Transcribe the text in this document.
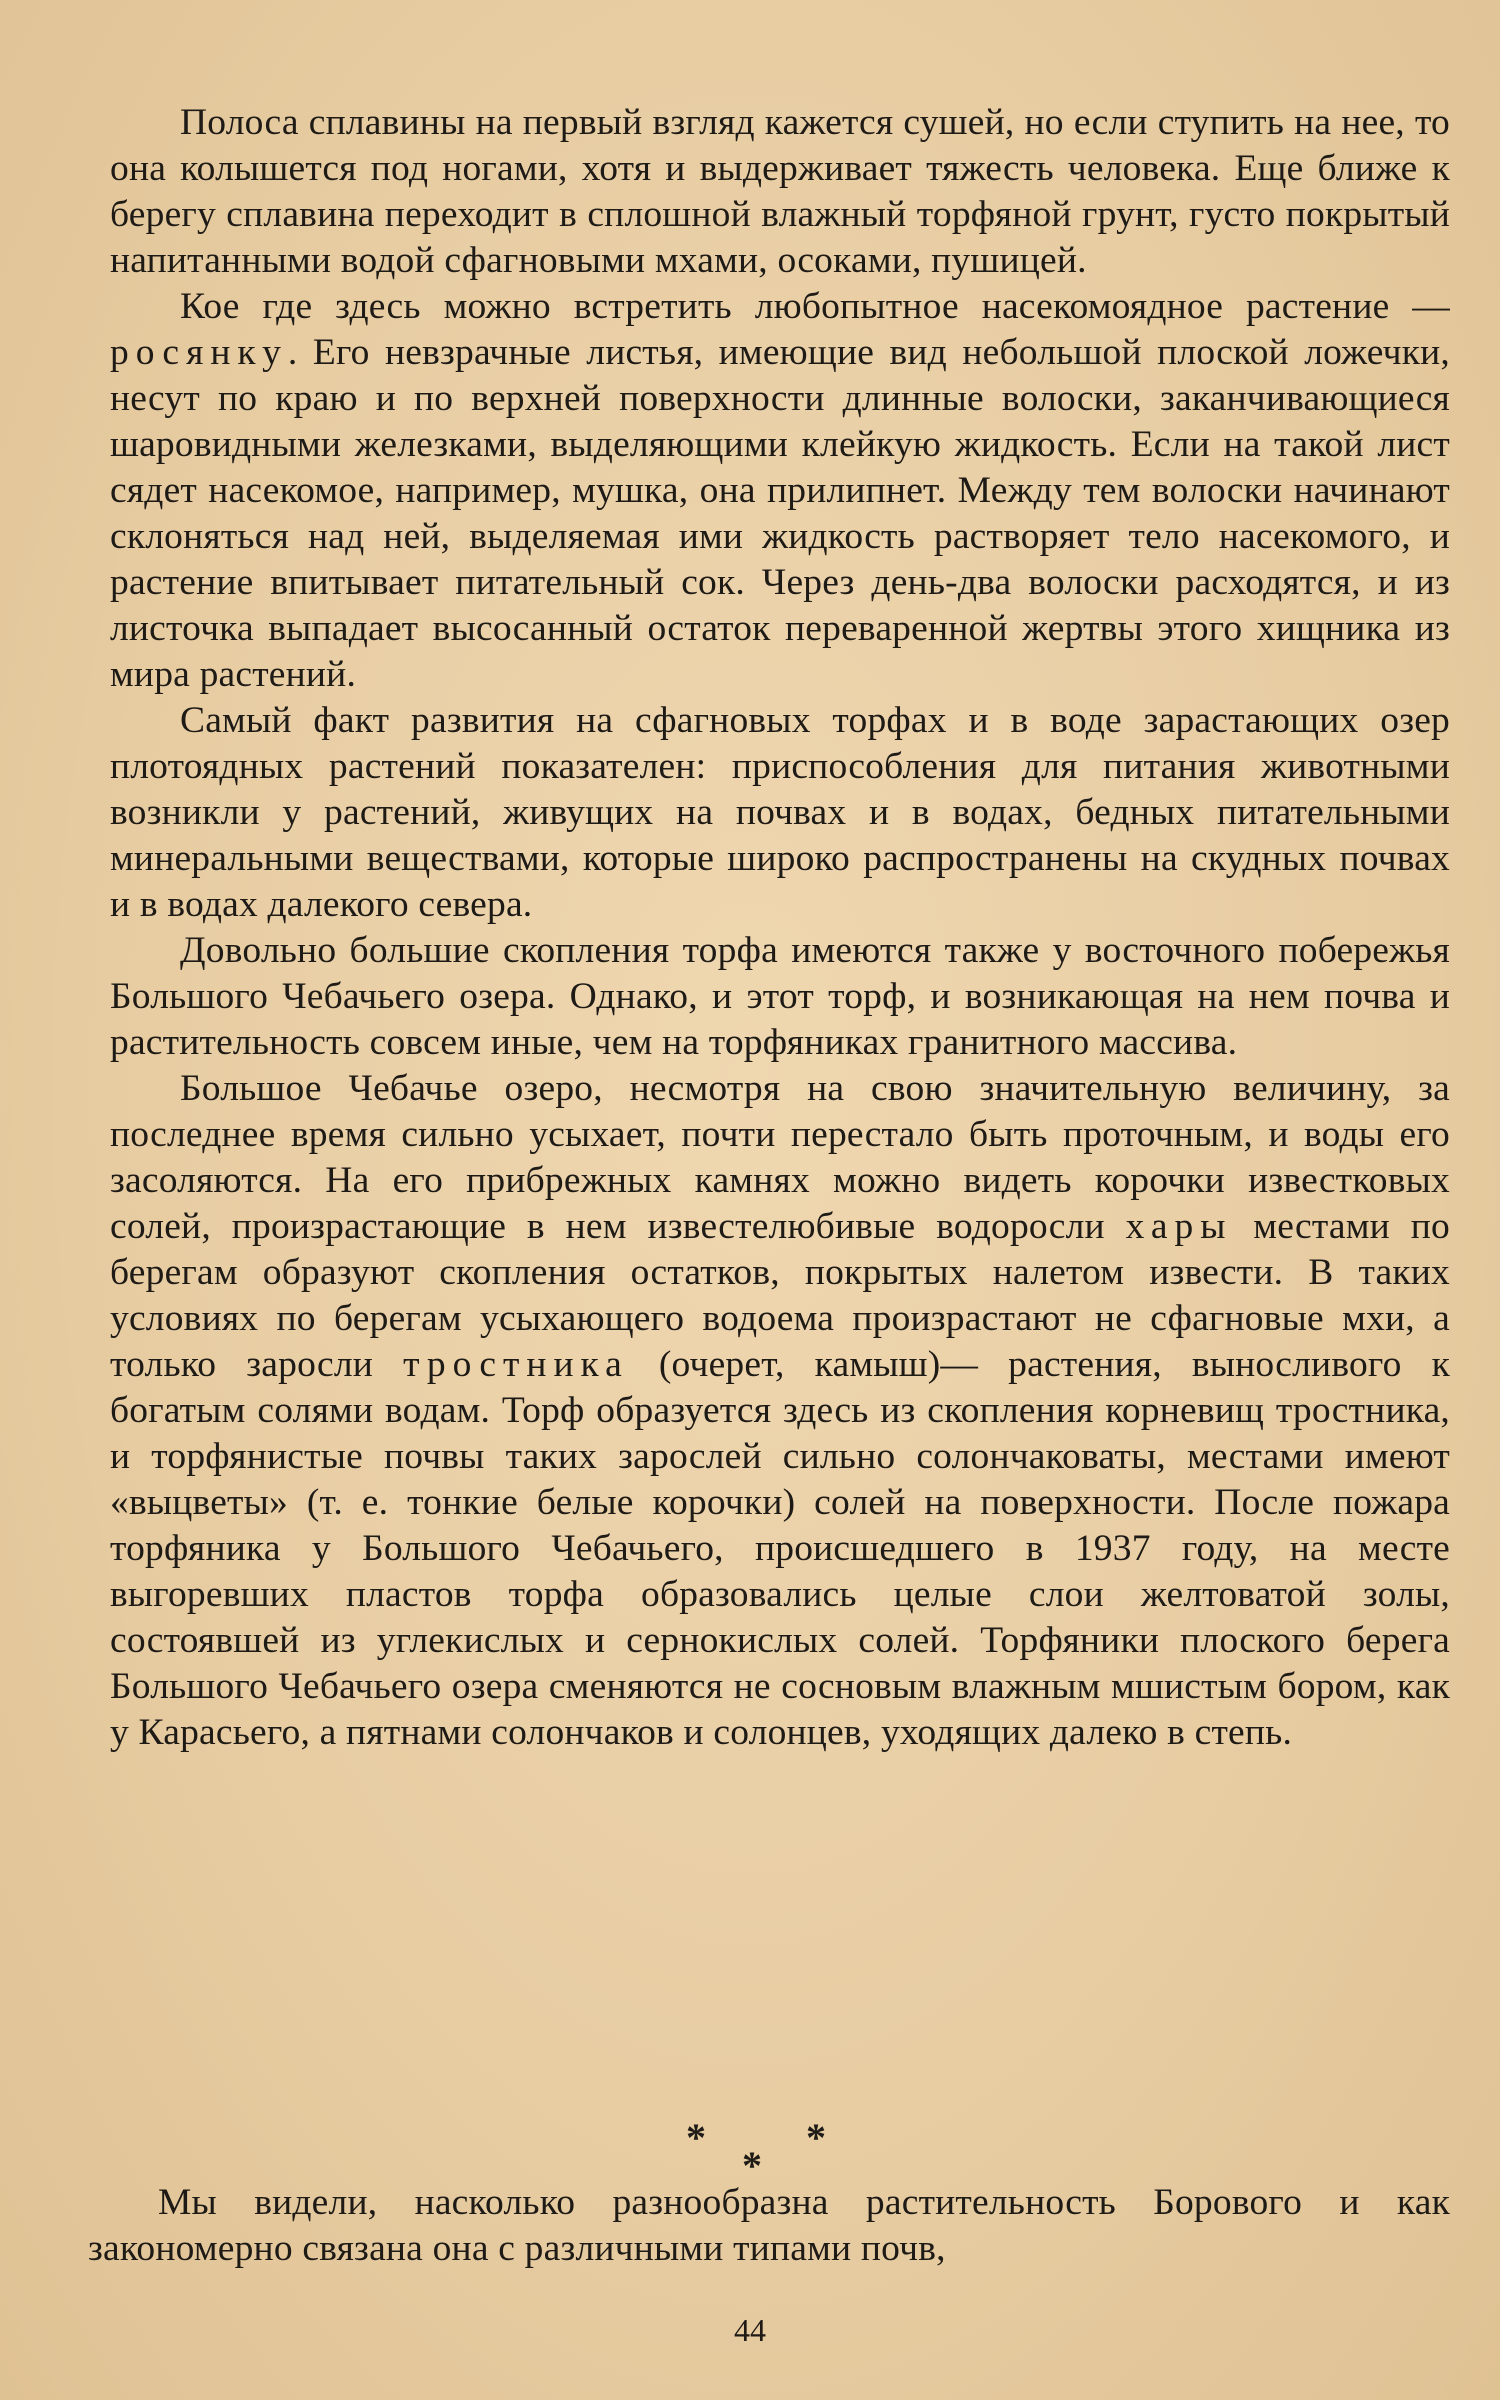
Полоса сплавины на первый взгляд кажется сушей, но если ступить на нее, то она колышется под ногами, хотя и выдерживает тяжесть человека. Еще ближе к берегу сплавина переходит в сплошной влажный торфяной грунт, густо покрытый напитанными водой сфагновыми мхами, осоками, пушицей.

Кое где здесь можно встретить любопытное насекомоядное растение — росянку. Его невзрачные листья, имеющие вид небольшой плоской ложечки, несут по краю и по верхней поверхности длинные волоски, заканчивающиеся шаровидными железками, выделяющими клейкую жидкость. Если на такой лист сядет насекомое, например, мушка, она прилипнет. Между тем волоски начинают склоняться над ней, выделяемая ими жидкость растворяет тело насекомого, и растение впитывает питательный сок. Через день-два волоски расходятся, и из листочка выпадает высосанный остаток переваренной жертвы этого хищника из мира растений.

Самый факт развития на сфагновых торфах и в воде зарастающих озер плотоядных растений показателен: приспособления для питания животными возникли у растений, живущих на почвах и в водах, бедных питательными минеральными веществами, которые широко распространены на скудных почвах и в водах далекого севера.

Довольно большие скопления торфа имеются также у восточного побережья Большого Чебачьего озера. Однако, и этот торф, и возникающая на нем почва и растительность совсем иные, чем на торфяниках гранитного массива.

Большое Чебачье озеро, несмотря на свою значительную величину, за последнее время сильно усыхает, почти перестало быть проточным, и воды его засоляются. На его прибрежных камнях можно видеть корочки известковых солей, произрастающие в нем известелюбивые водоросли хары местами по берегам образуют скопления остатков, покрытых налетом извести. В таких условиях по берегам усыхающего водоема произрастают не сфагновые мхи, а только заросли тростника (очерет, камыш)— растения, выносливого к богатым солями водам. Торф образуется здесь из скопления корневищ тростника, и торфянистые почвы таких зарослей сильно солончаковаты, местами имеют «выцветы» (т. е. тонкие белые корочки) солей на поверхности. После пожара торфяника у Большого Чебачьего, происшедшего в 1937 году, на месте выгоревших пластов торфа образовались целые слои желтоватой золы, состоявшей из углекислых и сернокислых солей. Торфяники плоского берега Большого Чебачьего озера сменяются не сосновым влажным мшистым бором, как у Карасьего, а пятнами солончаков и солонцев, уходящих далеко в степь.

*	*
*

Мы видели, насколько разнообразна растительность Борового и как закономерно связана она с различными типами почв,

44
